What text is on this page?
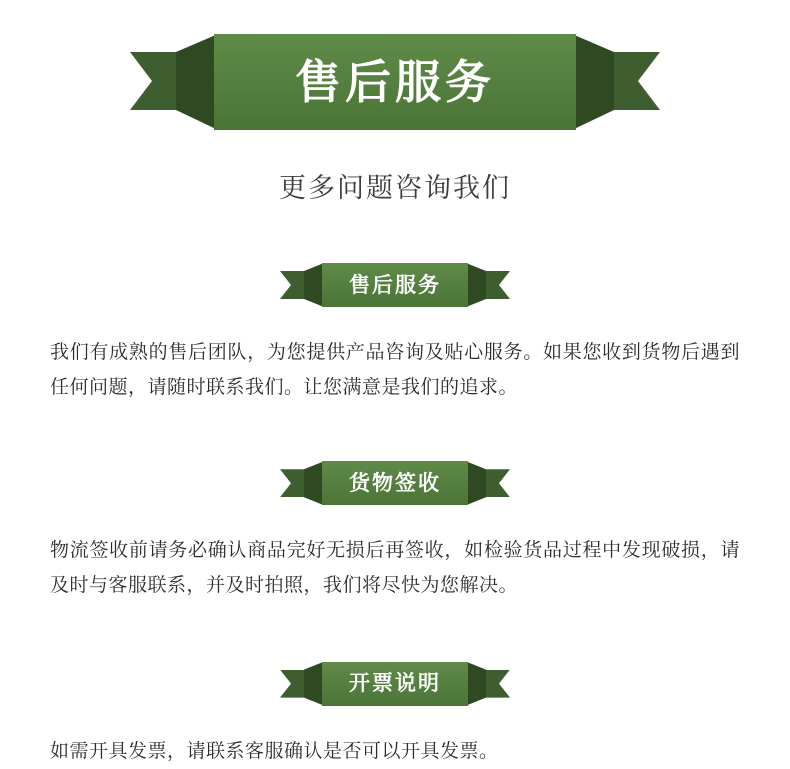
售后服务
更多问题咨询我们
售后服务

我们有成熟的售后团队，为您提供产品咨询及贴心服务。如果您收到货物后遇到任何问题，请随时联系我们。让您满意是我们的追求。

货物签收

物流签收前请务必确认商品完好无损后再签收，如检验货品过程中发现破损，请及时与客服联系，并及时拍照，我们将尽快为您解决。

开票说明

如需开具发票，请联系客服确认是否可以开具发票。
